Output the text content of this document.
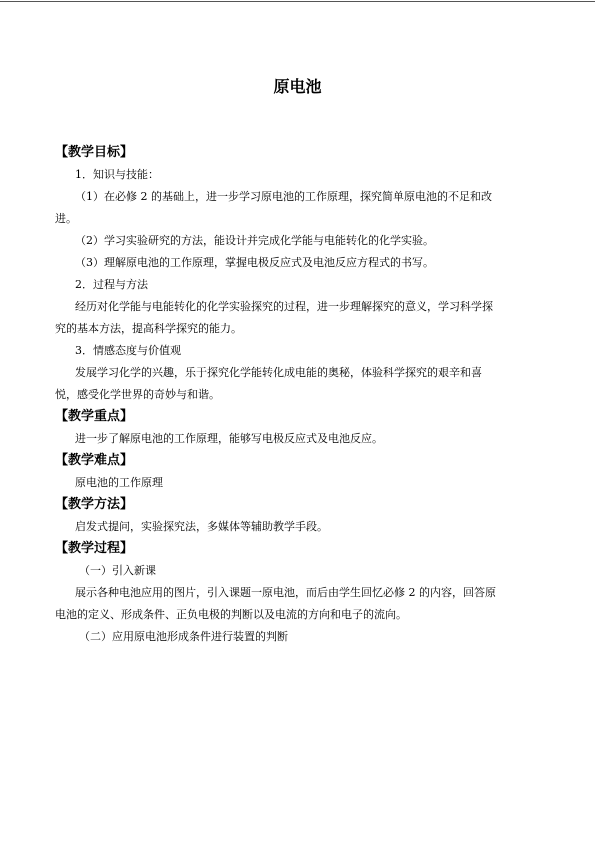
原电池
【教学目标】
1．知识与技能：
（1）在必修 2 的基础上，进一步学习原电池的工作原理，探究简单原电池的不足和改
进。
（2）学习实验研究的方法，能设计并完成化学能与电能转化的化学实验。
（3）理解原电池的工作原理，掌握电极反应式及电池反应方程式的书写。
2．过程与方法
经历对化学能与电能转化的化学实验探究的过程，进一步理解探究的意义，学习科学探
究的基本方法，提高科学探究的能力。
3．情感态度与价值观
发展学习化学的兴趣，乐于探究化学能转化成电能的奥秘，体验科学探究的艰辛和喜
悦，感受化学世界的奇妙与和谐。
【教学重点】
进一步了解原电池的工作原理，能够写电极反应式及电池反应。
【教学难点】
原电池的工作原理
【教学方法】
启发式提问，实验探究法，多媒体等辅助教学手段。
【教学过程】
（一）引入新课
展示各种电池应用的图片，引入课题一原电池，而后由学生回忆必修 2 的内容，回答原
电池的定义、形成条件、正负电极的判断以及电流的方向和电子的流向。
（二）应用原电池形成条件进行装置的判断
